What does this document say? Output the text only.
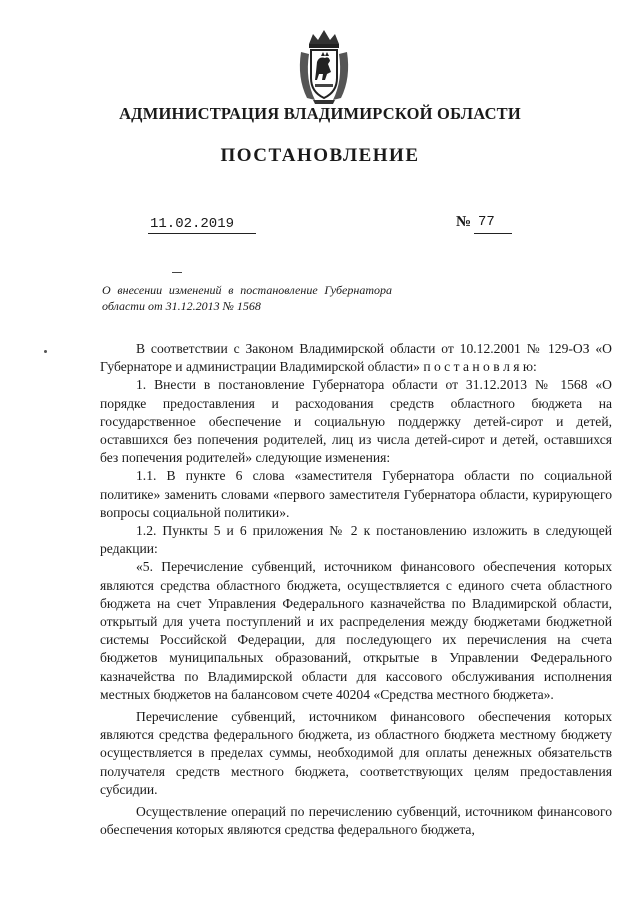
АДМИНИСТРАЦИЯ ВЛАДИМИРСКОЙ ОБЛАСТИ
ПОСТАНОВЛЕНИЕ
11.02.2019	№ 77
О внесении изменений в постановление Губернатора области от 31.12.2013 № 1568

В соответствии с Законом Владимирской области от 10.12.2001 № 129-ОЗ «О Губернаторе и администрации Владимирской области» п о с т а н о в л я ю:

1. Внести в постановление Губернатора области от 31.12.2013 № 1568 «О порядке предоставления и расходования средств областного бюджета на государственное обеспечение и социальную поддержку детей-сирот и детей, оставшихся без попечения родителей, лиц из числа детей-сирот и детей, оставшихся без попечения родителей» следующие изменения:

1.1. В пункте 6 слова «заместителя Губернатора области по социальной политике» заменить словами «первого заместителя Губернатора области, курирующего вопросы социальной политики».

1.2. Пункты 5 и 6 приложения № 2 к постановлению изложить в следующей редакции:

«5. Перечисление субвенций, источником финансового обеспечения которых являются средства областного бюджета, осуществляется с единого счета областного бюджета на счет Управления Федерального казначейства по Владимирской области, открытый для учета поступлений и их распределения между бюджетами бюджетной системы Российской Федерации, для последующего их перечисления на счета бюджетов муниципальных образований, открытые в Управлении Федерального казначейства по Владимирской области для кассового обслуживания исполнения местных бюджетов на балансовом счете 40204 «Средства местного бюджета».

Перечисление субвенций, источником финансового обеспечения которых являются средства федерального бюджета, из областного бюджета местному бюджету осуществляется в пределах суммы, необходимой для оплаты денежных обязательств получателя средств местного бюджета, соответствующих целям предоставления субсидии.

Осуществление операций по перечислению субвенций, источником финансового обеспечения которых являются средства федерального бюджета,
